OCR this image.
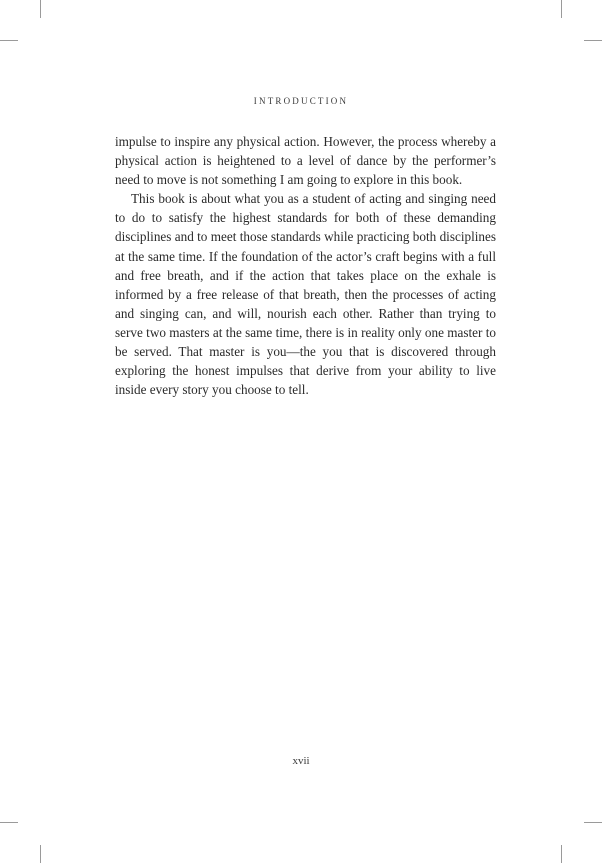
INTRODUCTION

impulse to inspire any physical action. However, the process whereby a physical action is heightened to a level of dance by the performer’s need to move is not something I am going to explore in this book.

This book is about what you as a student of acting and singing need to do to satisfy the highest standards for both of these demanding disciplines and to meet those standards while practicing both disciplines at the same time. If the foundation of the actor’s craft begins with a full and free breath, and if the action that takes place on the exhale is informed by a free release of that breath, then the processes of acting and singing can, and will, nourish each other. Rather than trying to serve two masters at the same time, there is in reality only one master to be served. That master is you—the you that is discovered through exploring the honest impulses that derive from your ability to live inside every story you choose to tell.

xvii
